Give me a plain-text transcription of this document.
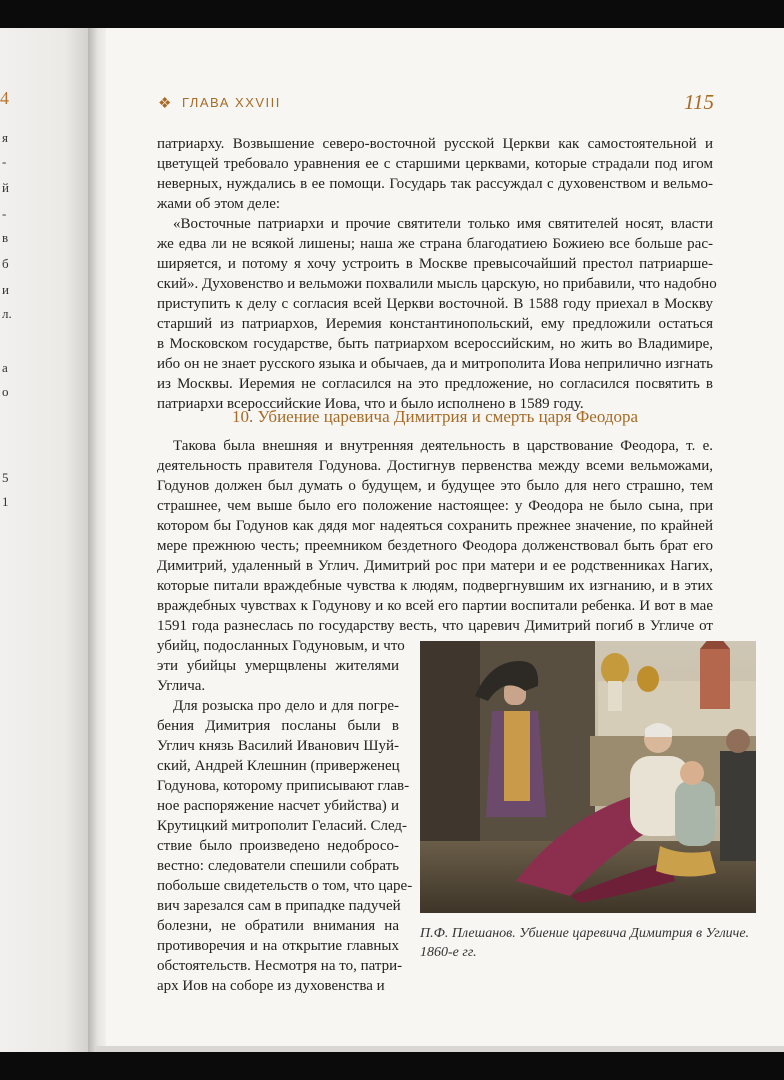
4
я
-
й
-
в
б
и
л.
а
о
5
1
❖ ГЛАВА XXVIII	115
патриарху. Возвышение северо-восточной русской Церкви как самостоятельной и
цветущей требовало уравнения ее с старшими церквами, которые страдали под игом
неверных, нуждались в ее помощи. Государь так рассуждал с духовенством и вельмо-
жами об этом деле:
«Восточные патриархи и прочие святители только имя святителей носят, власти
же едва ли не всякой лишены; наша же страна благодатиею Божиею все больше рас-
ширяется, и потому я хочу устроить в Москве превысочайший престол патриарше-
ский». Духовенство и вельможи похвалили мысль царскую, но прибавили, что надобно
приступить к делу с согласия всей Церкви восточной. В 1588 году приехал в Москву
старший из патриархов, Иеремия константинопольский, ему предложили остаться
в Московском государстве, быть патриархом всероссийским, но жить во Владимире,
ибо он не знает русского языка и обычаев, да и митрополита Иова неприлично изгнать
из Москвы. Иеремия не согласился на это предложение, но согласился посвятить в
патриархи всероссийские Иова, что и было исполнено в 1589 году.
Такова была внешняя и внутренняя деятельность в царствование Феодора, т. е.
деятельность правителя Годунова. Достигнув первенства между всеми вельможами,
Годунов должен был думать о будущем, и будущее это было для него страшно, тем
страшнее, чем выше было его положение настоящее: у Феодора не было сына, при
котором бы Годунов как дядя мог надеяться сохранить прежнее значение, по крайней
мере прежнюю честь; преемником бездетного Феодора долженствовал быть брат его
Димитрий, удаленный в Углич. Димитрий рос при матери и ее родственниках Нагих,
которые питали враждебные чувства к людям, подвергнувшим их изгнанию, и в этих
враждебных чувствах к Годунову и ко всей его партии воспитали ребенка. И вот в мае
1591 года разнеслась по государству весть, что царевич Димитрий погиб в Угличе от
убийц, подосланных Годуновым, и что
эти убийцы умерщвлены жителями
Углича.
Для розыска про дело и для погре-
бения Димитрия посланы были в
Углич князь Василий Иванович Шуй-
ский, Андрей Клешнин (приверженец
Годунова, которому приписывают глав-
ное распоряжение насчет убийства) и
Крутицкий митрополит Геласий. След-
ствие было произведено недобросо-
вестно: следователи спешили собрать
побольше свидетельств о том, что царе-
вич зарезался сам в припадке падучей
болезни, не обратили внимания на
противоречия и на открытие главных
обстоятельств. Несмотря на то, патри-
арх Иов на соборе из духовенства и
10. Убиение царевича Димитрия и смерть царя Феодора
П.Ф. Плешанов. Убиение царевича Димитрия в Угличе. 1860-е гг.
